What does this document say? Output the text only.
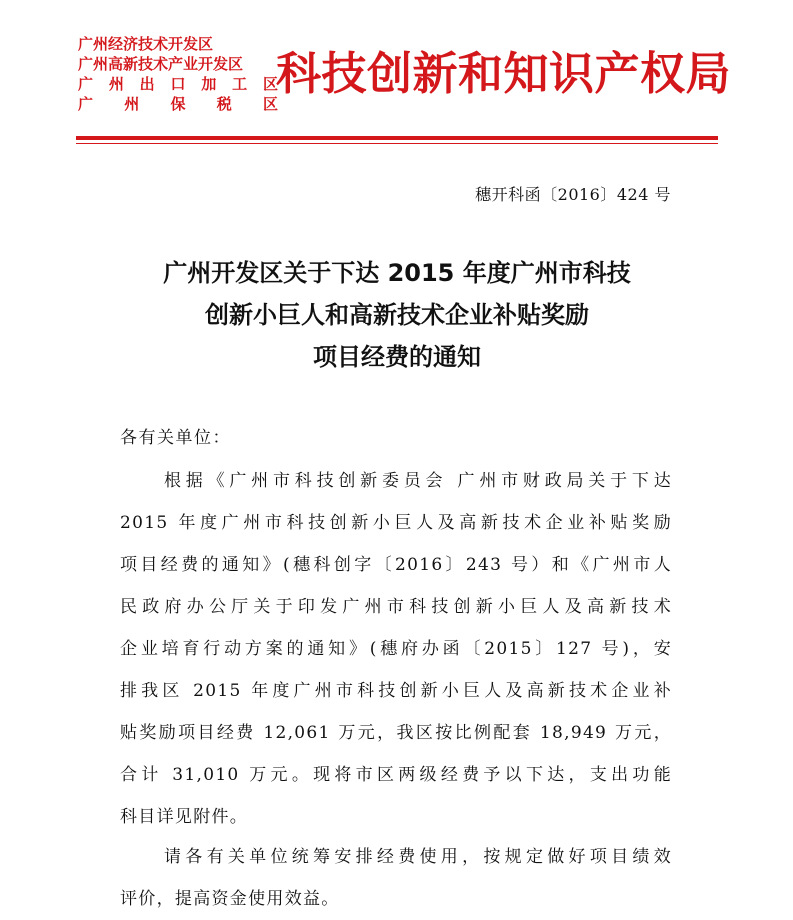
广州经济技术开发区
广州高新技术产业开发区
广 州 出 口 加 工 区
广 州 保 税 区
科技创新和知识产权局
穗开科函〔2016〕424 号
广州开发区关于下达 2015 年度广州市科技
创新小巨人和高新技术企业补贴奖励
项目经费的通知
各有关单位：
根据《广州市科技创新委员会 广州市财政局关于下达
2015 年度广州市科技创新小巨人及高新技术企业补贴奖励
项目经费的通知》(穗科创字〔2016〕243 号）和《广州市人
民政府办公厅关于印发广州市科技创新小巨人及高新技术
企业培育行动方案的通知》(穗府办函〔2015〕127 号)，安
排我区 2015 年度广州市科技创新小巨人及高新技术企业补
贴奖励项目经费 12,061 万元，我区按比例配套 18,949 万元，
合计 31,010 万元。现将市区两级经费予以下达，支出功能
科目详见附件。
请各有关单位统筹安排经费使用，按规定做好项目绩效
评价，提高资金使用效益。
